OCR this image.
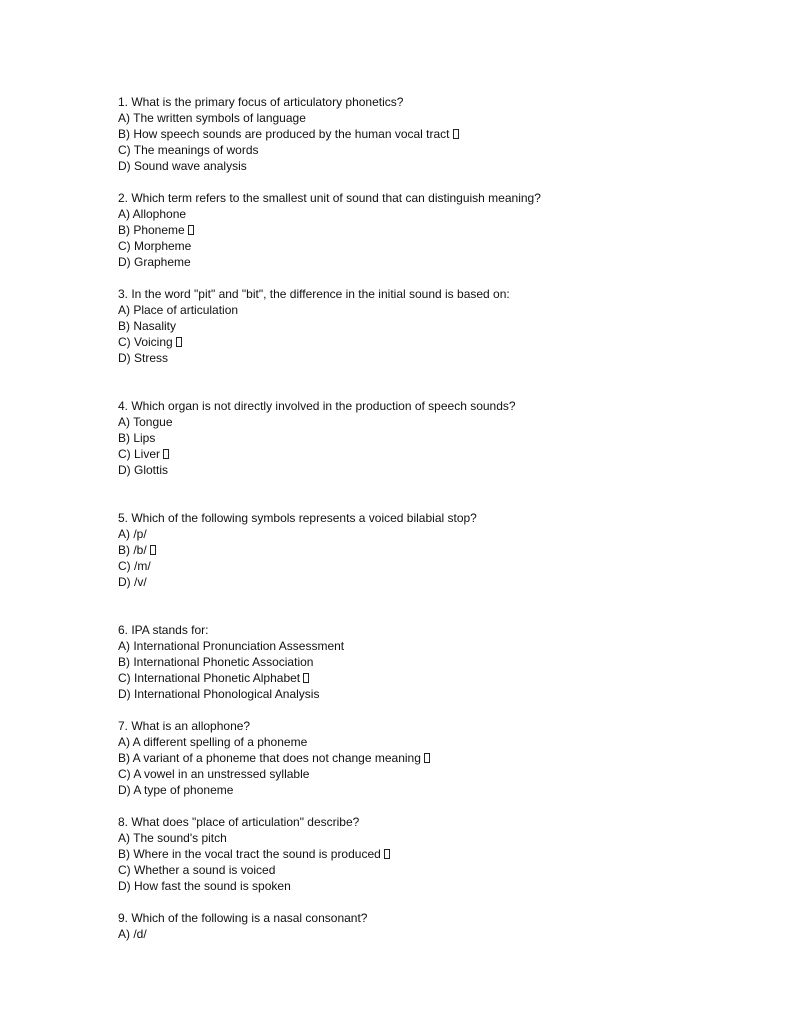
1. What is the primary focus of articulatory phonetics?
A) The written symbols of language
B) How speech sounds are produced by the human vocal tract
C) The meanings of words
D) Sound wave analysis
2. Which term refers to the smallest unit of sound that can distinguish meaning?
A) Allophone
B) Phoneme
C) Morpheme
D) Grapheme
3. In the word "pit" and "bit", the difference in the initial sound is based on:
A) Place of articulation
B) Nasality
C) Voicing
D) Stress
4. Which organ is not directly involved in the production of speech sounds?
A) Tongue
B) Lips
C) Liver
D) Glottis
5. Which of the following symbols represents a voiced bilabial stop?
A) /p/
B) /b/
C) /m/
D) /v/
6. IPA stands for:
A) International Pronunciation Assessment
B) International Phonetic Association
C) International Phonetic Alphabet
D) International Phonological Analysis
7. What is an allophone?
A) A different spelling of a phoneme
B) A variant of a phoneme that does not change meaning
C) A vowel in an unstressed syllable
D) A type of phoneme
8. What does "place of articulation" describe?
A) The sound's pitch
B) Where in the vocal tract the sound is produced
C) Whether a sound is voiced
D) How fast the sound is spoken
9. Which of the following is a nasal consonant?
A) /d/
